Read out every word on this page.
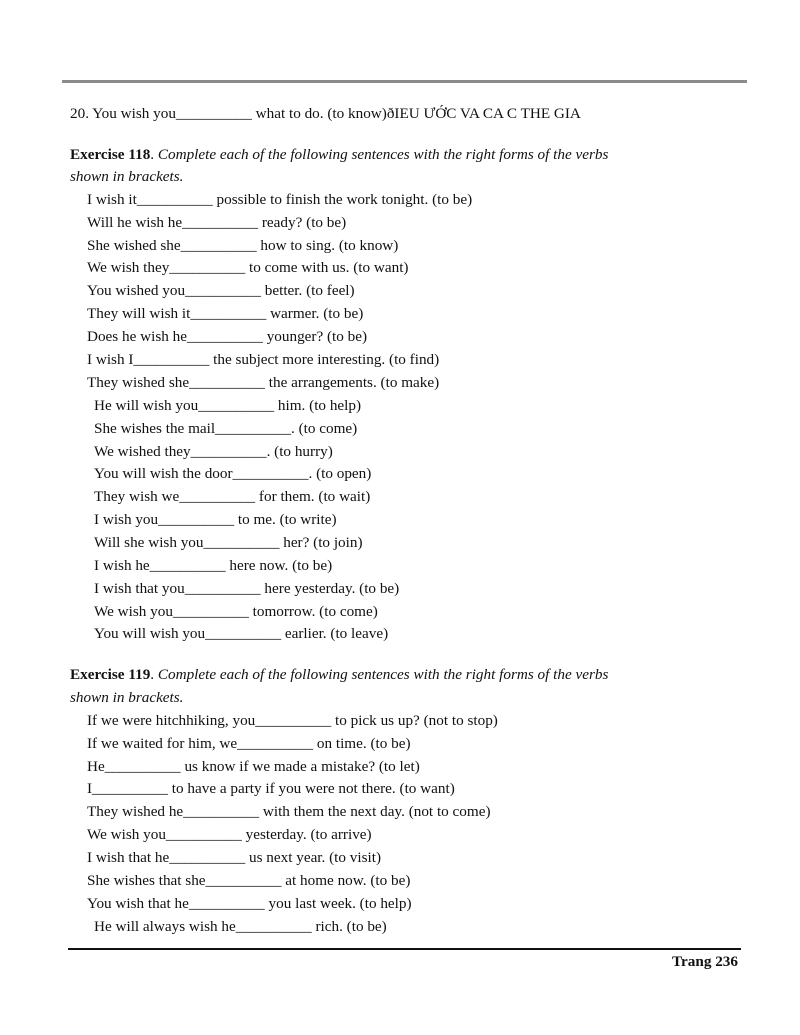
20. You wish you__________ what to do. (to know)ðIEU ƯỚC VA CA C THE GIA
Exercise 118. Complete each of the following sentences with the right forms of the verbs
shown in brackets.
I wish it__________ possible to finish the work tonight. (to be)
Will he wish he__________ ready? (to be)
She wished she__________ how to sing. (to know)
We wish they__________ to come with us. (to want)
You wished you__________ better. (to feel)
They will wish it__________ warmer. (to be)
Does he wish he__________ younger? (to be)
I wish I__________ the subject more interesting. (to find)
They wished she__________ the arrangements. (to make)
He will wish you__________ him. (to help)
She wishes the mail__________. (to come)
We wished they__________. (to hurry)
You will wish the door__________. (to open)
They wish we__________ for them. (to wait)
I wish you__________ to me. (to write)
Will she wish you__________ her? (to join)
I wish he__________ here now. (to be)
I wish that you__________ here yesterday. (to be)
We wish you__________ tomorrow. (to come)
You will wish you__________ earlier. (to leave)
Exercise 119. Complete each of the following sentences with the right forms of the verbs
shown in brackets.
If we were hitchhiking, you__________ to pick us up? (not to stop)
If we waited for him, we__________ on time. (to be)
He__________ us know if we made a mistake? (to let)
I__________ to have a party if you were not there. (to want)
They wished he__________ with them the next day. (not to come)
We wish you__________ yesterday. (to arrive)
I wish that he__________ us next year. (to visit)
She wishes that she__________ at home now. (to be)
You wish that he__________ you last week. (to help)
He will always wish he__________ rich. (to be)
Trang 236
